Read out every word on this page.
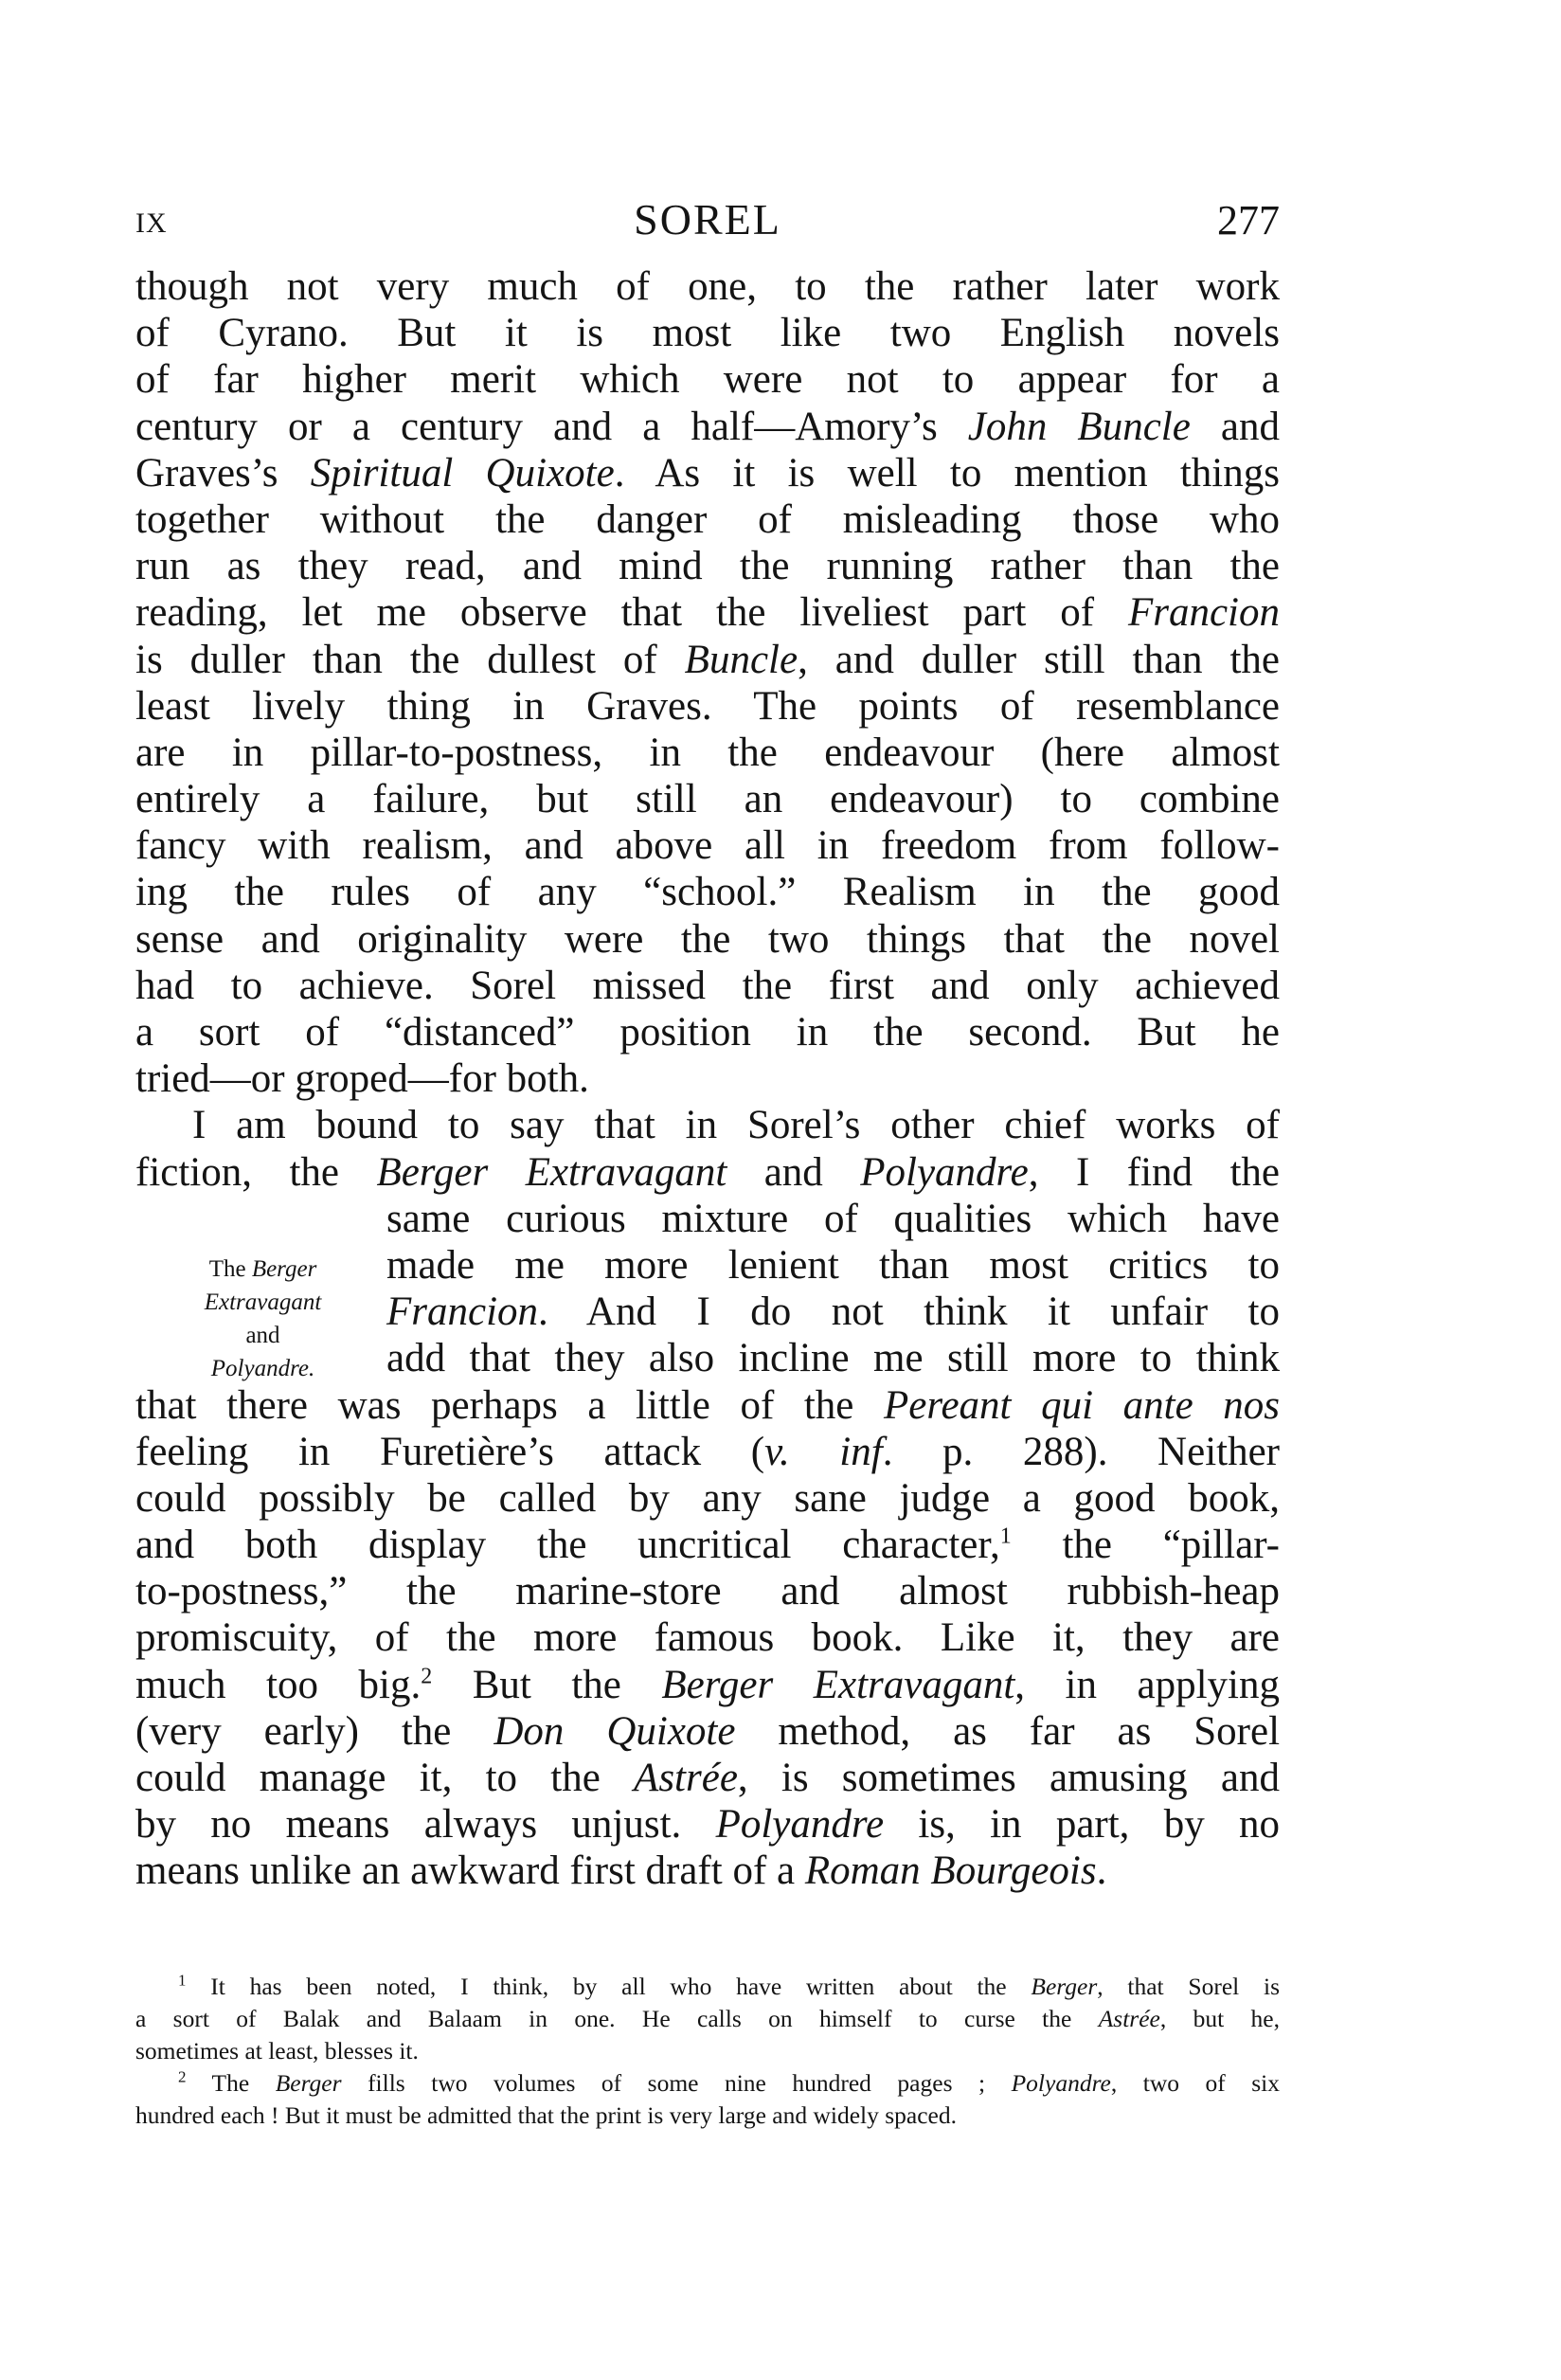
IX	SOREL	277
though not very much of one, to the rather later work
of Cyrano. But it is most like two English novels
of far higher merit which were not to appear for a
century or a century and a half—Amory’s John Buncle and
Graves’s Spiritual Quixote. As it is well to mention things
together without the danger of misleading those who
run as they read, and mind the running rather than the
reading, let me observe that the liveliest part of Francion
is duller than the dullest of Buncle, and duller still than the
least lively thing in Graves. The points of resemblance
are in pillar-to-postness, in the endeavour (here almost
entirely a failure, but still an endeavour) to combine
fancy with realism, and above all in freedom from follow-
ing the rules of any “school.” Realism in the good
sense and originality were the two things that the novel
had to achieve. Sorel missed the first and only achieved
a sort of “distanced” position in the second. But he
tried—or groped—for both.
I am bound to say that in Sorel’s other chief works of
fiction, the Berger Extravagant and Polyandre, I find the
same curious mixture of qualities which have
made me more lenient than most critics to
Francion. And I do not think it unfair to
add that they also incline me still more to think
that there was perhaps a little of the Pereant qui ante nos
feeling in Furetière’s attack (v. inf. p. 288). Neither
could possibly be called by any sane judge a good book,
and both display the uncritical character,$^1$ the “pillar-
to-postness,” the marine-store and almost rubbish-heap
promiscuity, of the more famous book. Like it, they are
much too big.$^2$ But the Berger Extravagant, in applying
(very early) the Don Quixote method, as far as Sorel
could manage it, to the Astrée, is sometimes amusing and
by no means always unjust. Polyandre is, in part, by no
means unlike an awkward first draft of a Roman Bourgeois.
The Berger
Extravagant
and
Polyandre.
$^1$ It has been noted, I think, by all who have written about the Berger, that Sorel is
a sort of Balak and Balaam in one. He calls on himself to curse the Astrée, but he,
sometimes at least, blesses it.
$^2$ The Berger fills two volumes of some nine hundred pages ; Polyandre, two of six
hundred each ! But it must be admitted that the print is very large and widely spaced.
